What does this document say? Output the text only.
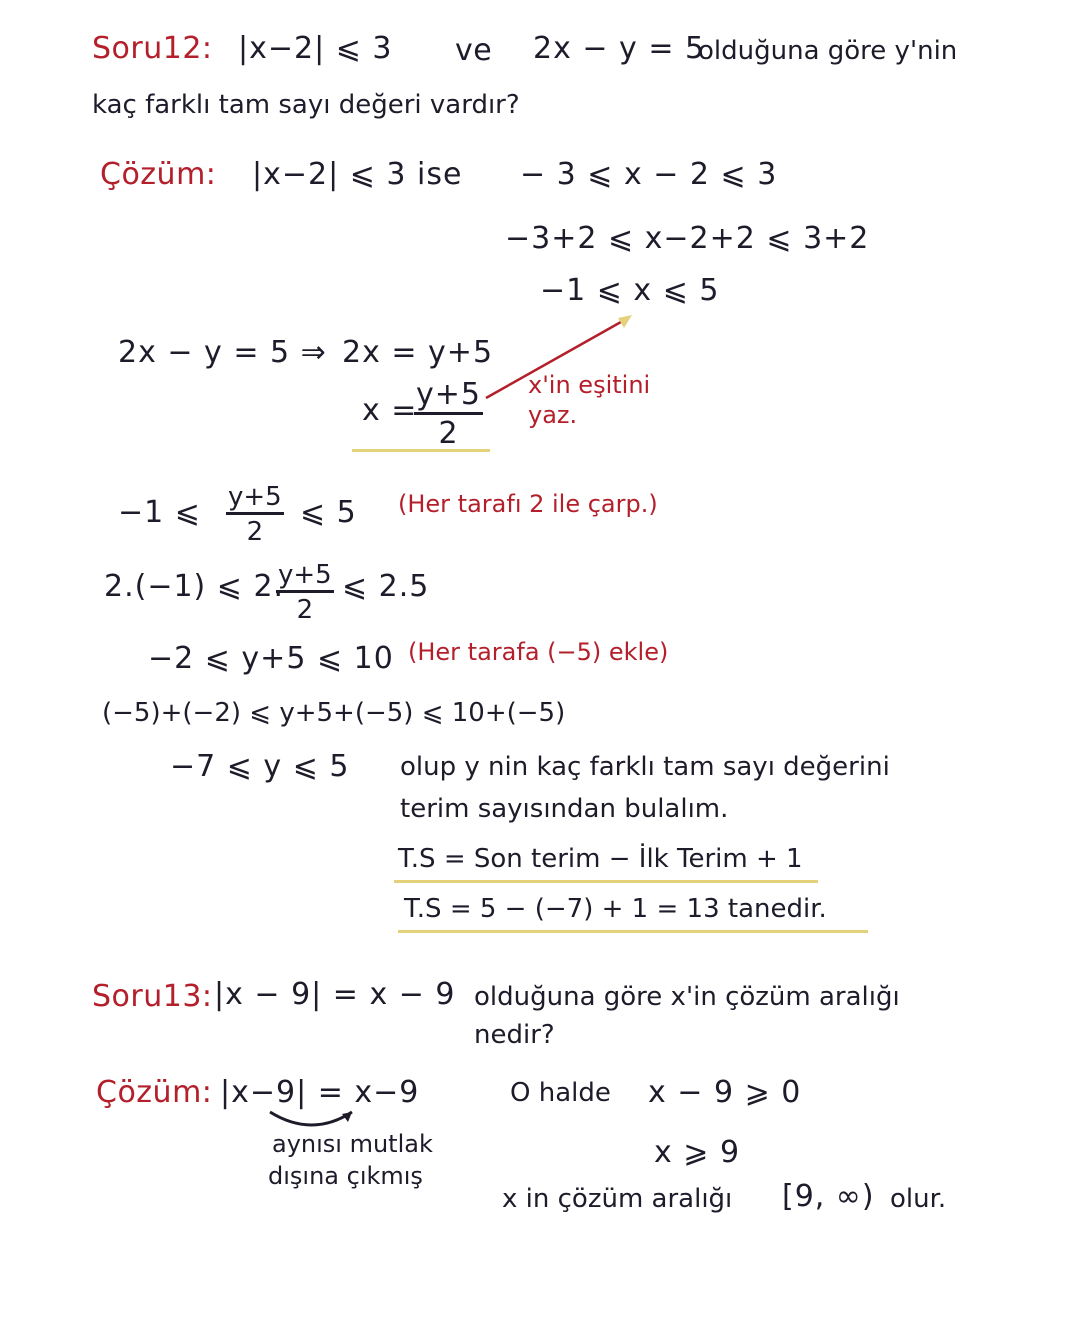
Soru12: |x−2| ⩽ 3 ve 2x − y = 5
olduğuna göre y'nin
kaç farklı tam sayı değeri vardır?
Çözüm: |x−2| ⩽ 3 ise − 3 ⩽ x − 2 ⩽ 3
−3+2 ⩽ x−2+2 ⩽ 3+2
−1 ⩽ x ⩽ 5
2x − y = 5 ⇒ 2x = y+5
x =
$\frac{y+5}{2} x'in$ eşitini
yaz.
−1 ⩽ $\frac{y+5}{2}$ ⩽ 5 (Her tarafı 2 ile çarp.)
2.(−1) ⩽ 2.
$\frac{y+5}{2}$ ⩽ 2.5
−2 ⩽ y+5 ⩽ 10 (Her tarafa (−5) ekle)
(−5)+(−2) ⩽ y+5+(−5) ⩽ 10+(−5)
−7 ⩽ y ⩽ 5 olup y nin kaç farklı tam sayı değerini
terim sayısından bulalım.
T.S = Son terim − İlk Terim + 1
T.S = 5 − (−7) + 1 = 13 tanedir.
Soru13: |x − 9| = x − 9 olduğuna göre x'in çözüm aralığı
nedir?
Çözüm: |x−9| = x−9	O halde x − 9 ⩾ 0
aynısı mutlak
dışına çıkmış
x ⩾ 9
x in çözüm aralığı [9, ∞) olur.
